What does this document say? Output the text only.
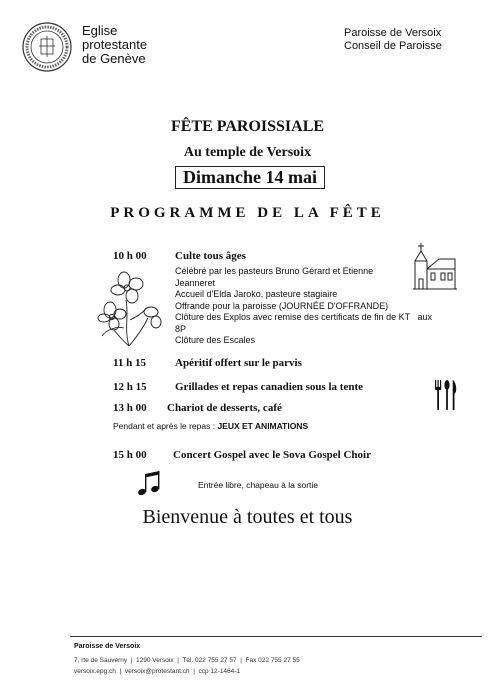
Eglise
protestante
de Genève
Paroisse de Versoix
Conseil de Paroisse
FÊTE PAROISSIALE
Au temple de Versoix
Dimanche 14 mai
PROGRAMME DE LA FÊTE
10 h 00	Culte tous âges
Célébré par les pasteurs Bruno Gérard et Etienne
Jeanneret
Accueil d'Elda Jaroko, pasteure stagiaire
Offrande pour la paroisse (JOURNÉE D'OFFRANDE)
Clôture des Explos avec remise des certificats de fin de KT   aux
8P
Clôture des Escales
11 h 15	Apéritif offert sur le parvis
12 h 15	Grillades et repas canadien sous la tente
13 h 00 Chariot de desserts, café
Pendant et après le repas : JEUX ET ANIMATIONS
15 h 00 Concert Gospel avec le Sova Gospel Choir
Entrée libre, chapeau à la sortie
Bienvenue à toutes et tous
Paroisse de Versoix
7, rte de Sauverny  |  1290 Versoix  |  Tél. 022 755 27 57  |  Fax 022 755 27 55
versoix.epg.ch  |  versoix@protestant.ch  |  ccp 12-1464-1
